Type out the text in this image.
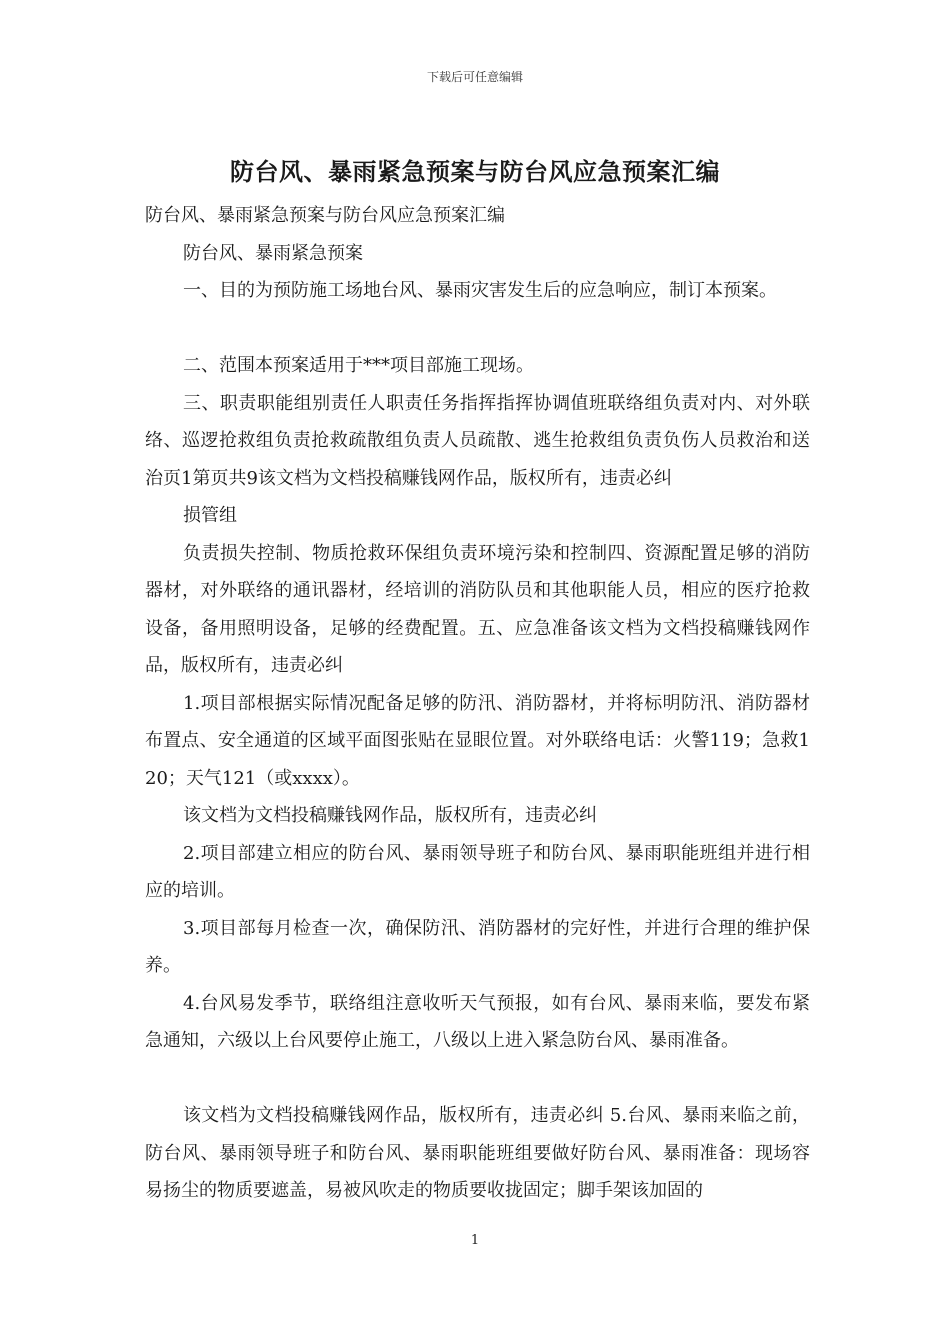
下载后可任意编辑
防台风、暴雨紧急预案与防台风应急预案汇编

防台风、暴雨紧急预案与防台风应急预案汇编

防台风、暴雨紧急预案

一、目的为预防施工场地台风、暴雨灾害发生后的应急响应，制订本预案。

二、范围本预案适用于***项目部施工现场。

三、职责职能组别责任人职责任务指挥指挥协调值班联络组负责对内、对外联络、巡逻抢救组负责抢救疏散组负责人员疏散、逃生抢救组负责负伤人员救治和送治页1第页共9该文档为文档投稿赚钱网作品，版权所有，违责必纠

损管组

负责损失控制、物质抢救环保组负责环境污染和控制四、资源配置足够的消防器材，对外联络的通讯器材，经培训的消防队员和其他职能人员，相应的医疗抢救设备，备用照明设备，足够的经费配置。五、应急准备该文档为文档投稿赚钱网作品，版权所有，违责必纠

1.项目部根据实际情况配备足够的防汛、消防器材，并将标明防汛、消防器材布置点、安全通道的区域平面图张贴在显眼位置。对外联络电话：火警119；急救120；天气121（或xxxx）。

该文档为文档投稿赚钱网作品，版权所有，违责必纠

2.项目部建立相应的防台风、暴雨领导班子和防台风、暴雨职能班组并进行相应的培训。

3.项目部每月检查一次，确保防汛、消防器材的完好性，并进行合理的维护保养。

4.台风易发季节，联络组注意收听天气预报，如有台风、暴雨来临，要发布紧急通知，六级以上台风要停止施工，八级以上进入紧急防台风、暴雨准备。

该文档为文档投稿赚钱网作品，版权所有，违责必纠 5.台风、暴雨来临之前，防台风、暴雨领导班子和防台风、暴雨职能班组要做好防台风、暴雨准备：现场容易扬尘的物质要遮盖，易被风吹走的物质要收拢固定；脚手架该加固的

1
